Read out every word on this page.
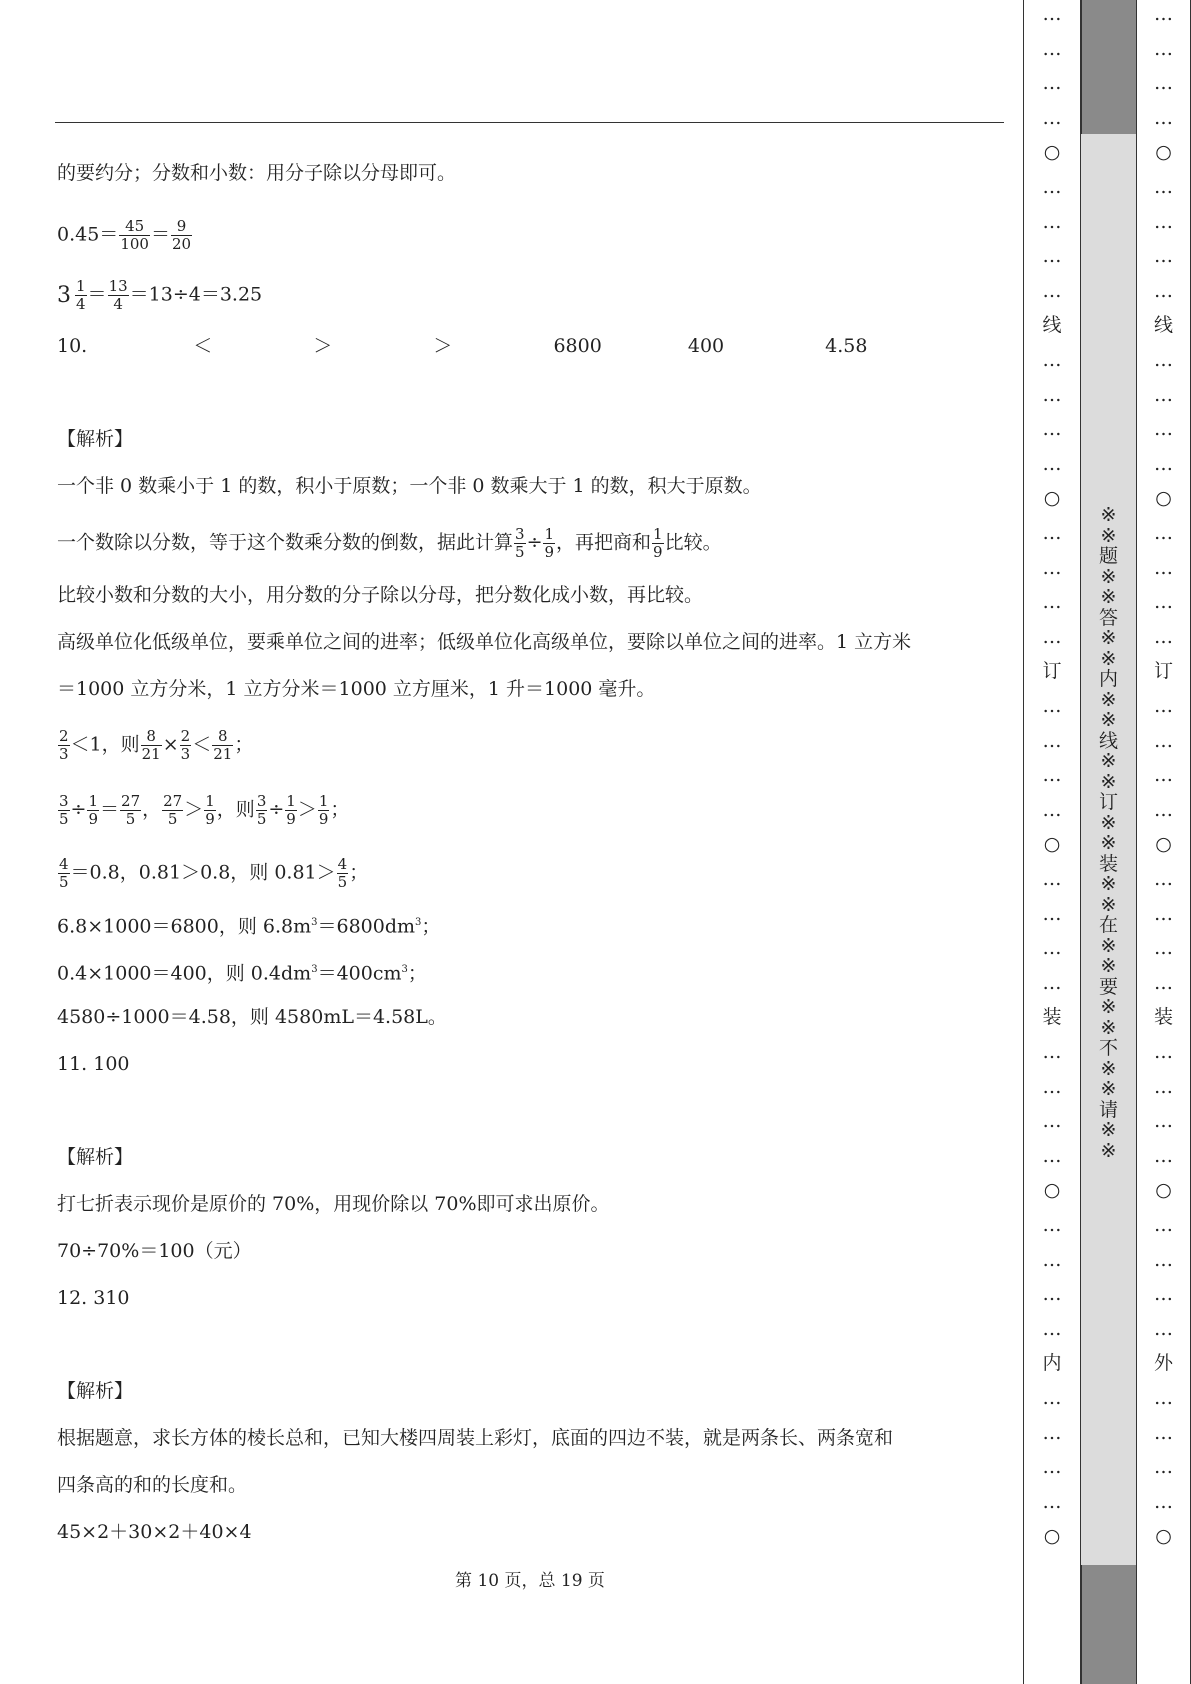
的要约分；分数和小数：用分子除以分母即可。
$0.45= \frac{45}{100} = \frac{9}{20}$
$3 \frac{1}{4} = \frac{13}{4} =13\div 4=3.25$
10.	＜	＞	＞	6800	400	4.58
【解析】
一个非 0 数乘小于 1 的数，积小于原数；一个非 0 数乘大于 1 的数，积大于原数。
一个数除以分数，等于这个数乘分数的倒数，据此计算 $\frac{3}{5} \div \frac{1}{9}$ ，再把商和 $\frac{1}{9}$ 比较。
比较小数和分数的大小，用分数的分子除以分母，把分数化成小数，再比较。
高级单位化低级单位，要乘单位之间的进率；低级单位化高级单位，要除以单位之间的进率。1 立方米
＝1000 立方分米，1 立方分米＝1000 立方厘米，1 升＝1000 毫升。
$\frac{2}{3} <1$，则 $\frac{8}{21} \times \frac{2}{3} < \frac{8}{21}$ ；
$\frac{3}{5} \div \frac{1}{9} = \frac{27}{5}$ ， $\frac{27}{5} > \frac{1}{9}$ ，则 $\frac{3}{5} \div \frac{1}{9} > \frac{1}{9}$ ；
$\frac{4}{5} =0.8$，0.81＞0.8，则 $0.81> \frac{4}{5}$ ；
6.8×1000＝6800，则 $6.8m^3=6800dm^3$；
0.4×1000＝400，则 $0.4dm^3=400cm^3$；
4580÷1000＝4.58，则 4580mL＝4.58L。
11. 100
【解析】
打七折表示现价是原价的 70%，用现价除以 70%即可求出原价。
70÷70%＝100（元）
12. 310
【解析】
根据题意，求长方体的棱长总和，已知大楼四周装上彩灯，底面的四边不装，就是两条长、两条宽和
四条高的和的长度和。
45×2＋30×2＋40×4
第 10 页，总 19 页
…
…
…
…
○
…
…
…
…
线
…
…
…
…
○
…
…
…
…
订
…
…
…
…
○
…
…
…
…
装
…
…
…
…
○
…
…
…
…
内
…
…
…
…
○
※
※
题
※
※
答
※
※
内
※
※
线
※
※
订
※
※
装
※
※
在
※
※
要
※
※
不
※
※
请
※
※
…
…
…
…
○
…
…
…
…
线
…
…
…
…
○
…
…
…
…
订
…
…
…
…
○
…
…
…
…
装
…
…
…
…
○
…
…
…
…
外
…
…
…
…
○
